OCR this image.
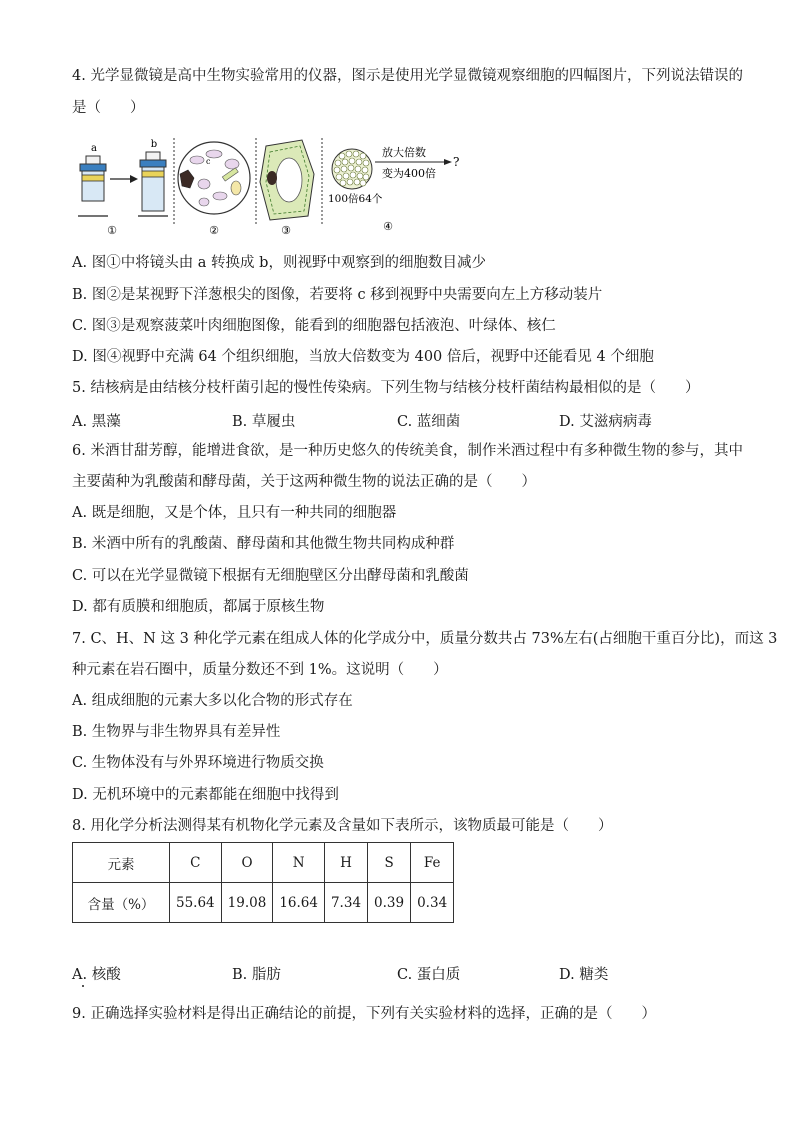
4. 光学显微镜是高中生物实验常用的仪器，图示是使用光学显微镜观察细胞的四幅图片，下列说法错误的
是（　　）
a	b
①
c
②	③
放大倍数
变为400倍
?
100倍64个
④
A. 图①中将镜头由 a 转换成 b，则视野中观察到的细胞数目减少
B. 图②是某视野下洋葱根尖的图像，若要将 c 移到视野中央需要向左上方移动装片
C. 图③是观察菠菜叶肉细胞图像，能看到的细胞器包括液泡、叶绿体、核仁
D. 图④视野中充满 64 个组织细胞，当放大倍数变为 400 倍后，视野中还能看见 4 个细胞
5. 结核病是由结核分枝杆菌引起的慢性传染病。下列生物与结核分枝杆菌结构最相似的是（　　）
A. 黑藻	B. 草履虫	C. 蓝细菌	D. 艾滋病病毒
6. 米酒甘甜芳醇，能增进食欲，是一种历史悠久的传统美食，制作米酒过程中有多种微生物的参与，其中
主要菌种为乳酸菌和酵母菌，关于这两种微生物的说法正确的是（　　）
A. 既是细胞，又是个体，且只有一种共同的细胞器
B. 米酒中所有的乳酸菌、酵母菌和其他微生物共同构成种群
C. 可以在光学显微镜下根据有无细胞壁区分出酵母菌和乳酸菌
D. 都有质膜和细胞质，都属于原核生物
7. C、H、N 这 3 种化学元素在组成人体的化学成分中，质量分数共占 73%左右(占细胞干重百分比)，而这 3
种元素在岩石圈中，质量分数还不到 1%。这说明（　　）
A. 组成细胞的元素大多以化合物的形式存在
B. 生物界与非生物界具有差异性
C. 生物体没有与外界环境进行物质交换
D. 无机环境中的元素都能在细胞中找得到
8. 用化学分析法测得某有机物化学元素及含量如下表所示，该物质最可能是（　　）
元素	C	O	N	H	S	Fe
含量（%）	55.64	19.08	16.64	7.34	0.39	0.34
A. 核酸	B. 脂肪	C. 蛋白质	D. 糖类
9. 正确选择实验材料是得出正确结论的前提，下列有关实验材料的选择，正确的是（　　）
